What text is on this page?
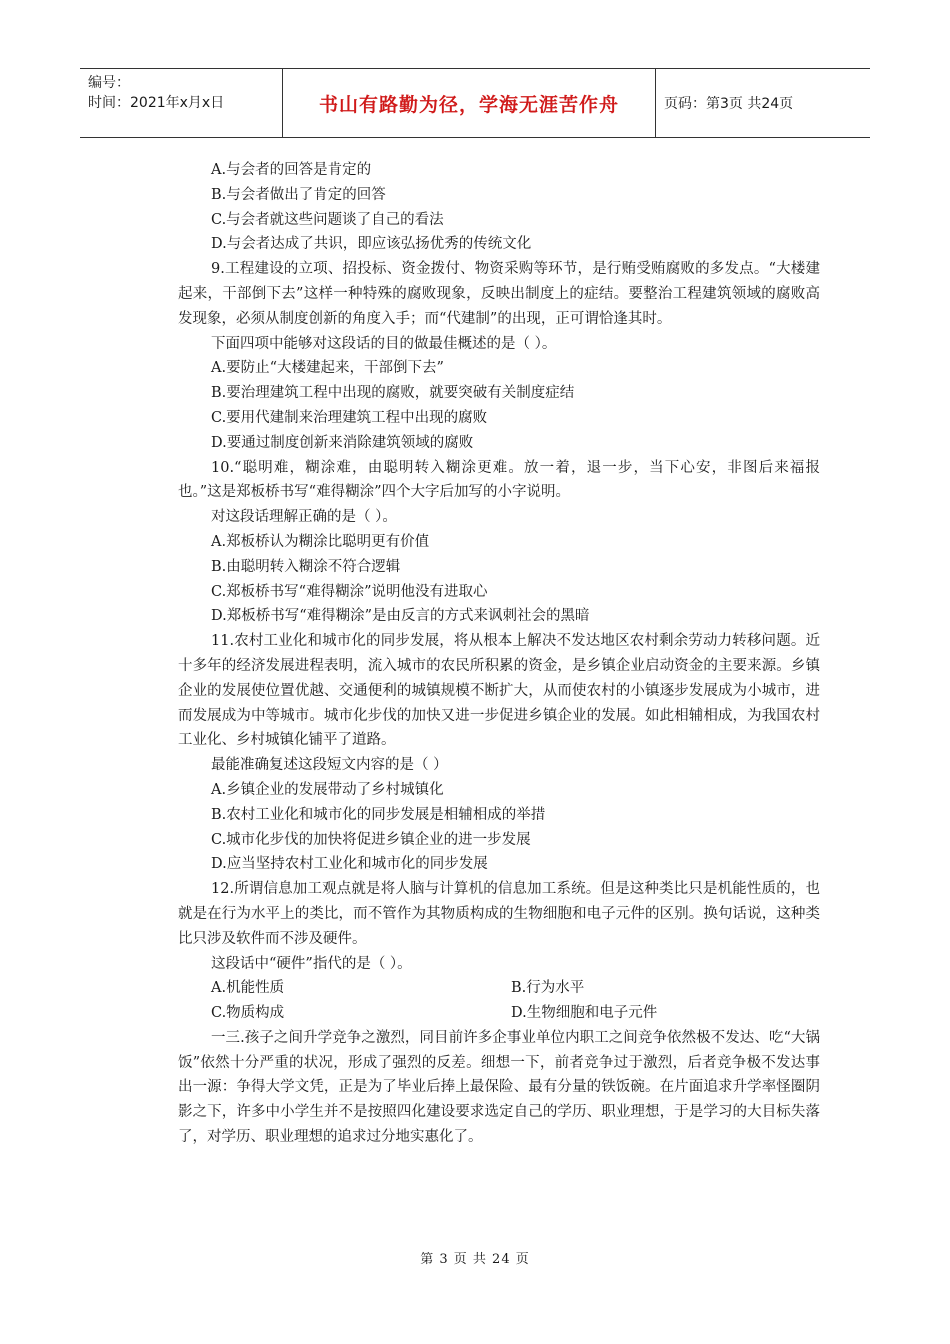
编号：
时间：2021年x月x日	书山有路勤为径，学海无涯苦作舟	页码：第3页 共24页

A.与会者的回答是肯定的

B.与会者做出了肯定的回答

C.与会者就这些问题谈了自己的看法

D.与会者达成了共识，即应该弘扬优秀的传统文化

9.工程建设的立项、招投标、资金拨付、物资采购等环节，是行贿受贿腐败的多发点。“大楼建起来，干部倒下去”这样一种特殊的腐败现象，反映出制度上的症结。要整治工程建筑领域的腐败高发现象，必须从制度创新的角度入手；而“代建制”的出现，正可谓恰逢其时。

下面四项中能够对这段话的目的做最佳概述的是（ ）。

A.要防止“大楼建起来，干部倒下去”

B.要治理建筑工程中出现的腐败，就要突破有关制度症结

C.要用代建制来治理建筑工程中出现的腐败

D.要通过制度创新来消除建筑领域的腐败

10.“聪明难，糊涂难，由聪明转入糊涂更难。放一着，退一步，当下心安，非图后来福报也。”这是郑板桥书写“难得糊涂”四个大字后加写的小字说明。

对这段话理解正确的是（ ）。

A.郑板桥认为糊涂比聪明更有价值

B.由聪明转入糊涂不符合逻辑

C.郑板桥书写“难得糊涂”说明他没有进取心

D.郑板桥书写“难得糊涂”是由反言的方式来讽刺社会的黑暗

11.农村工业化和城市化的同步发展，将从根本上解决不发达地区农村剩余劳动力转移问题。近十多年的经济发展进程表明，流入城市的农民所积累的资金，是乡镇企业启动资金的主要来源。乡镇企业的发展使位置优越、交通便利的城镇规模不断扩大，从而使农村的小镇逐步发展成为小城市，进而发展成为中等城市。城市化步伐的加快又进一步促进乡镇企业的发展。如此相辅相成，为我国农村工业化、乡村城镇化铺平了道路。

最能准确复述这段短文内容的是（ ）

A.乡镇企业的发展带动了乡村城镇化

B.农村工业化和城市化的同步发展是相辅相成的举措

C.城市化步伐的加快将促进乡镇企业的进一步发展

D.应当坚持农村工业化和城市化的同步发展

12.所谓信息加工观点就是将人脑与计算机的信息加工系统。但是这种类比只是机能性质的，也就是在行为水平上的类比，而不管作为其物质构成的生物细胞和电子元件的区别。换句话说，这种类比只涉及软件而不涉及硬件。

这段话中“硬件”指代的是（ ）。

A.机能性质	B.行为水平
C.物质构成	D.生物细胞和电子元件

一三.孩子之间升学竞争之激烈，同目前许多企事业单位内职工之间竞争依然极不发达、吃“大锅饭”依然十分严重的状况，形成了强烈的反差。细想一下，前者竞争过于激烈，后者竞争极不发达事出一源：争得大学文凭，正是为了毕业后捧上最保险、最有分量的铁饭碗。在片面追求升学率怪圈阴影之下，许多中小学生并不是按照四化建设要求选定自己的学历、职业理想，于是学习的大目标失落了，对学历、职业理想的追求过分地实惠化了。

第 3 页 共 24 页
